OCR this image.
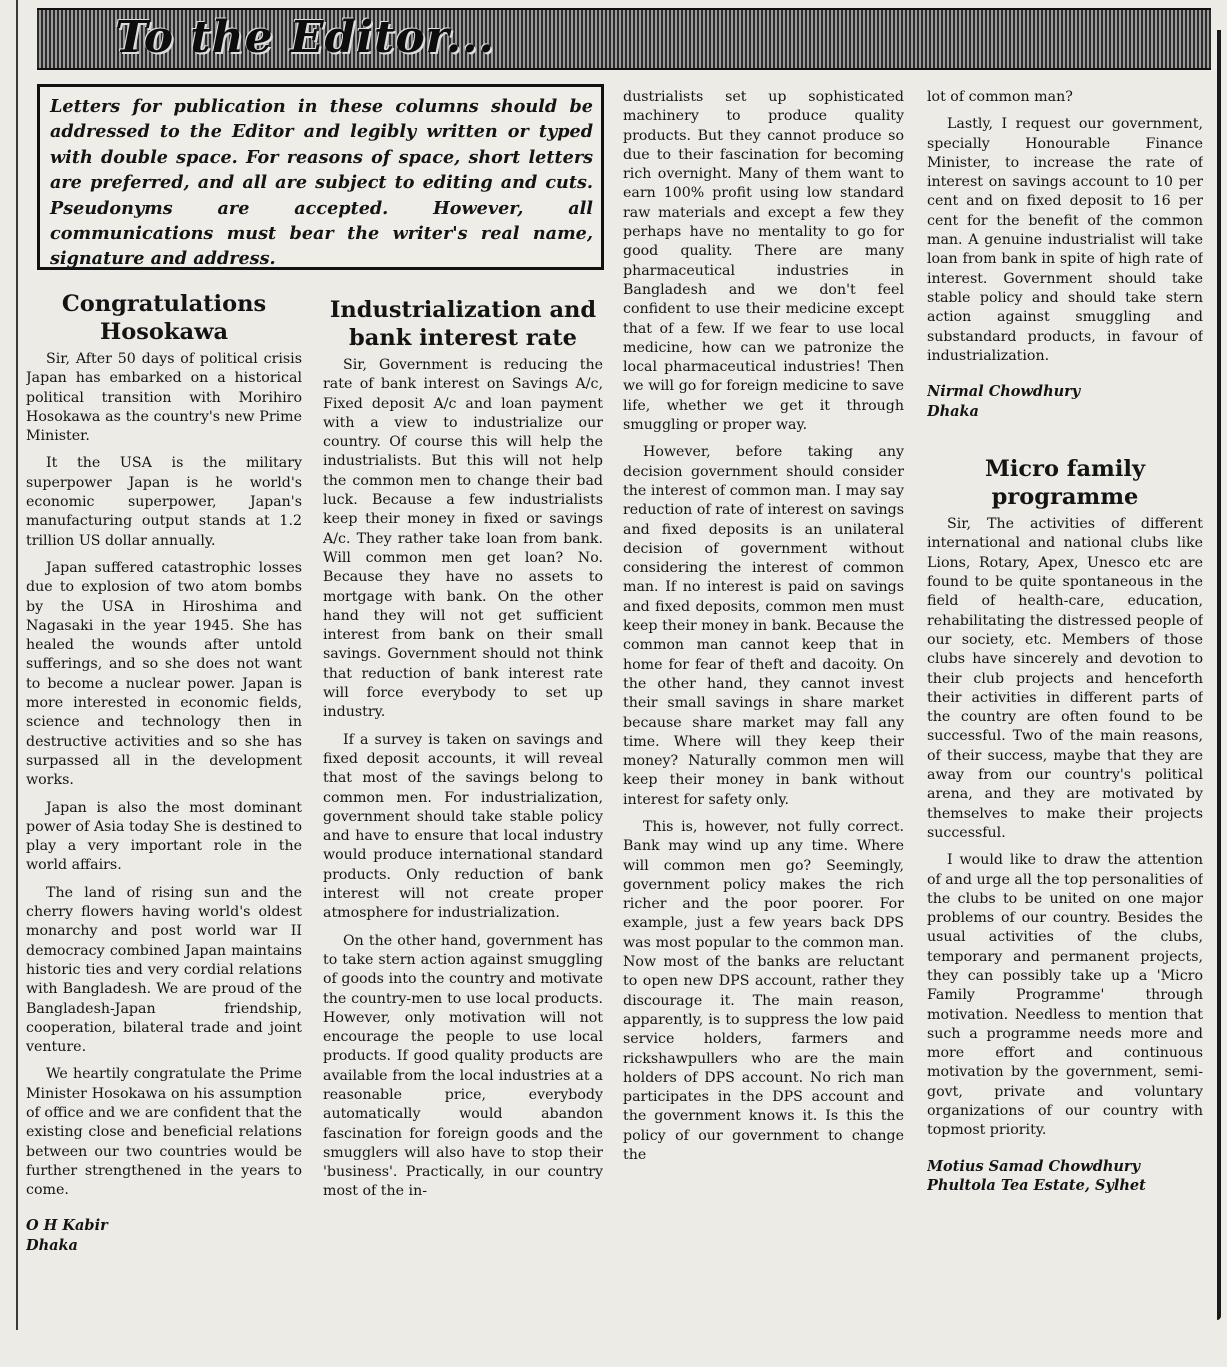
To the Editor...
Letters for publication in these columns should be addressed to the Editor and legibly written or typed with double space. For reasons of space, short letters are preferred, and all are subject to editing and cuts. Pseudonyms are accepted. However, all communications must bear the writer's real name, signature and address.
Congratulations Hosokawa

Sir, After 50 days of political crisis Japan has embarked on a historical political transition with Morihiro Hosokawa as the country's new Prime Minister.

It the USA is the military superpower Japan is he world's economic superpower, Japan's manufacturing output stands at 1.2 trillion US dollar annually.

Japan suffered catastrophic losses due to explosion of two atom bombs by the USA in Hiroshima and Nagasaki in the year 1945. She has healed the wounds after untold sufferings, and so she does not want to become a nuclear power. Japan is more interested in economic fields, science and technology then in destructive activities and so she has surpassed all in the development works.

Japan is also the most dominant power of Asia today She is destined to play a very important role in the world affairs.

The land of rising sun and the cherry flowers having world's oldest monarchy and post world war II democracy combined Japan maintains historic ties and very cordial relations with Bangladesh. We are proud of the Bangladesh-Japan friendship, cooperation, bilateral trade and joint venture.

We heartily congratulate the Prime Minister Hosokawa on his assumption of office and we are confident that the existing close and beneficial relations between our two countries would be further strengthened in the years to come.

O H Kabir
Dhaka
Industrialization and bank interest rate

Sir, Government is reducing the rate of bank interest on Savings A/c, Fixed deposit A/c and loan payment with a view to industrialize our country. Of course this will help the industrialists. But this will not help the common men to change their bad luck. Because a few industrialists keep their money in fixed or savings A/c. They rather take loan from bank. Will common men get loan? No. Because they have no assets to mortgage with bank. On the other hand they will not get sufficient interest from bank on their small savings. Government should not think that reduction of bank interest rate will force everybody to set up industry.

If a survey is taken on savings and fixed deposit accounts, it will reveal that most of the savings belong to common men. For industrialization, government should take stable policy and have to ensure that local industry would produce international standard products. Only reduction of bank interest will not create proper atmosphere for industrialization.

On the other hand, government has to take stern action against smuggling of goods into the country and motivate the country-men to use local products. However, only motivation will not encourage the people to use local products. If good quality products are available from the local industries at a reasonable price, everybody automatically would abandon fascination for foreign goods and the smugglers will also have to stop their 'business'. Practically, in our country most of the in-

dustrialists set up sophisticated machinery to produce quality products. But they cannot produce so due to their fascination for becoming rich overnight. Many of them want to earn 100% profit using low standard raw materials and except a few they perhaps have no mentality to go for good quality. There are many pharmaceutical industries in Bangladesh and we don't feel confident to use their medicine except that of a few. If we fear to use local medicine, how can we patronize the local pharmaceutical industries! Then we will go for foreign medicine to save life, whether we get it through smuggling or proper way.

However, before taking any decision government should consider the interest of common man. I may say reduction of rate of interest on savings and fixed deposits is an unilateral decision of government without considering the interest of common man. If no interest is paid on savings and fixed deposits, common men must keep their money in bank. Because the common man cannot keep that in home for fear of theft and dacoity. On the other hand, they cannot invest their small savings in share market because share market may fall any time. Where will they keep their money? Naturally common men will keep their money in bank without interest for safety only.

This is, however, not fully correct. Bank may wind up any time. Where will common men go? Seemingly, government policy makes the rich richer and the poor poorer. For example, just a few years back DPS was most popular to the common man. Now most of the banks are reluctant to open new DPS account, rather they discourage it. The main reason, apparently, is to suppress the low paid service holders, farmers and rickshawpullers who are the main holders of DPS account. No rich man participates in the DPS account and the government knows it. Is this the policy of our government to change the

lot of common man?

Lastly, I request our government, specially Honourable Finance Minister, to increase the rate of interest on savings account to 10 per cent and on fixed deposit to 16 per cent for the benefit of the common man. A genuine industrialist will take loan from bank in spite of high rate of interest. Government should take stable policy and should take stern action against smuggling and substandard products, in favour of industrialization.

Nirmal Chowdhury
Dhaka
Micro family programme

Sir, The activities of different international and national clubs like Lions, Rotary, Apex, Unesco etc are found to be quite spontaneous in the field of health-care, education, rehabilitating the distressed people of our society, etc. Members of those clubs have sincerely and devotion to their club projects and henceforth their activities in different parts of the country are often found to be successful. Two of the main reasons, of their success, maybe that they are away from our country's political arena, and they are motivated by themselves to make their projects successful.

I would like to draw the attention of and urge all the top personalities of the clubs to be united on one major problems of our country. Besides the usual activities of the clubs, temporary and permanent projects, they can possibly take up a 'Micro Family Programme' through motivation. Needless to mention that such a programme needs more and more effort and continuous motivation by the government, semi-govt, private and voluntary organizations of our country with topmost priority.

Motius Samad Chowdhury
Phultola Tea Estate, Sylhet
